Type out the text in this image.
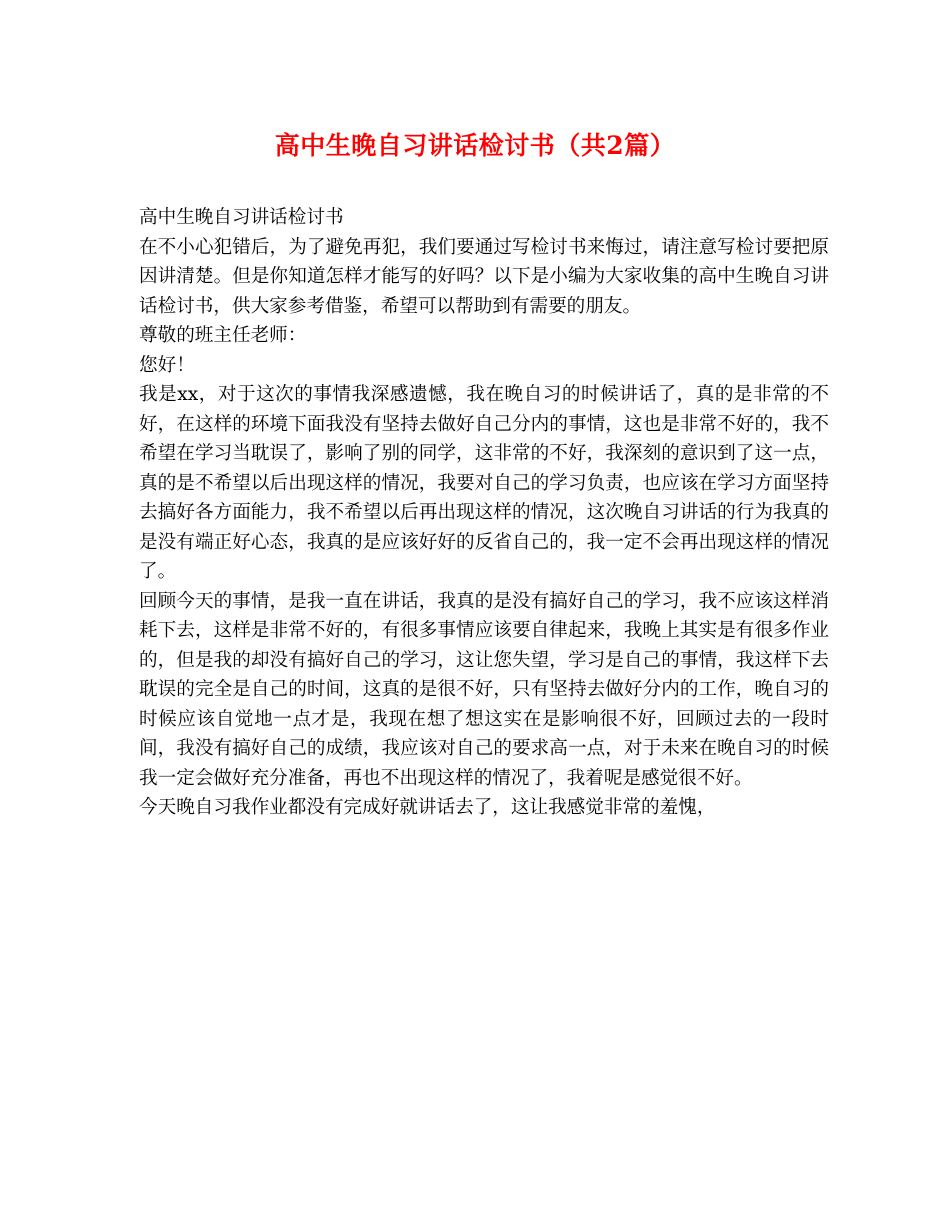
高中生晚自习讲话检讨书（共2篇）

高中生晚自习讲话检讨书

在不小心犯错后，为了避免再犯，我们要通过写检讨书来悔过，请注意写检讨要把原因讲清楚。但是你知道怎样才能写的好吗？以下是小编为大家收集的高中生晚自习讲话检讨书，供大家参考借鉴，希望可以帮助到有需要的朋友。

尊敬的班主任老师：

您好！

我是xx，对于这次的事情我深感遗憾，我在晚自习的时候讲话了，真的是非常的不好，在这样的环境下面我没有坚持去做好自己分内的事情，这也是非常不好的，我不希望在学习当耽误了，影响了别的同学，这非常的不好，我深刻的意识到了这一点，真的是不希望以后出现这样的情况，我要对自己的学习负责，也应该在学习方面坚持去搞好各方面能力，我不希望以后再出现这样的情况，这次晚自习讲话的行为我真的是没有端正好心态，我真的是应该好好的反省自己的，我一定不会再出现这样的情况了。

回顾今天的事情，是我一直在讲话，我真的是没有搞好自己的学习，我不应该这样消耗下去，这样是非常不好的，有很多事情应该要自律起来，我晚上其实是有很多作业的，但是我的却没有搞好自己的学习，这让您失望，学习是自己的事情，我这样下去耽误的完全是自己的时间，这真的是很不好，只有坚持去做好分内的工作，晚自习的时候应该自觉地一点才是，我现在想了想这实在是影响很不好，回顾过去的一段时间，我没有搞好自己的成绩，我应该对自己的要求高一点，对于未来在晚自习的时候我一定会做好充分准备，再也不出现这样的情况了，我着呢是感觉很不好。

今天晚自习我作业都没有完成好就讲话去了，这让我感觉非常的羞愧，
